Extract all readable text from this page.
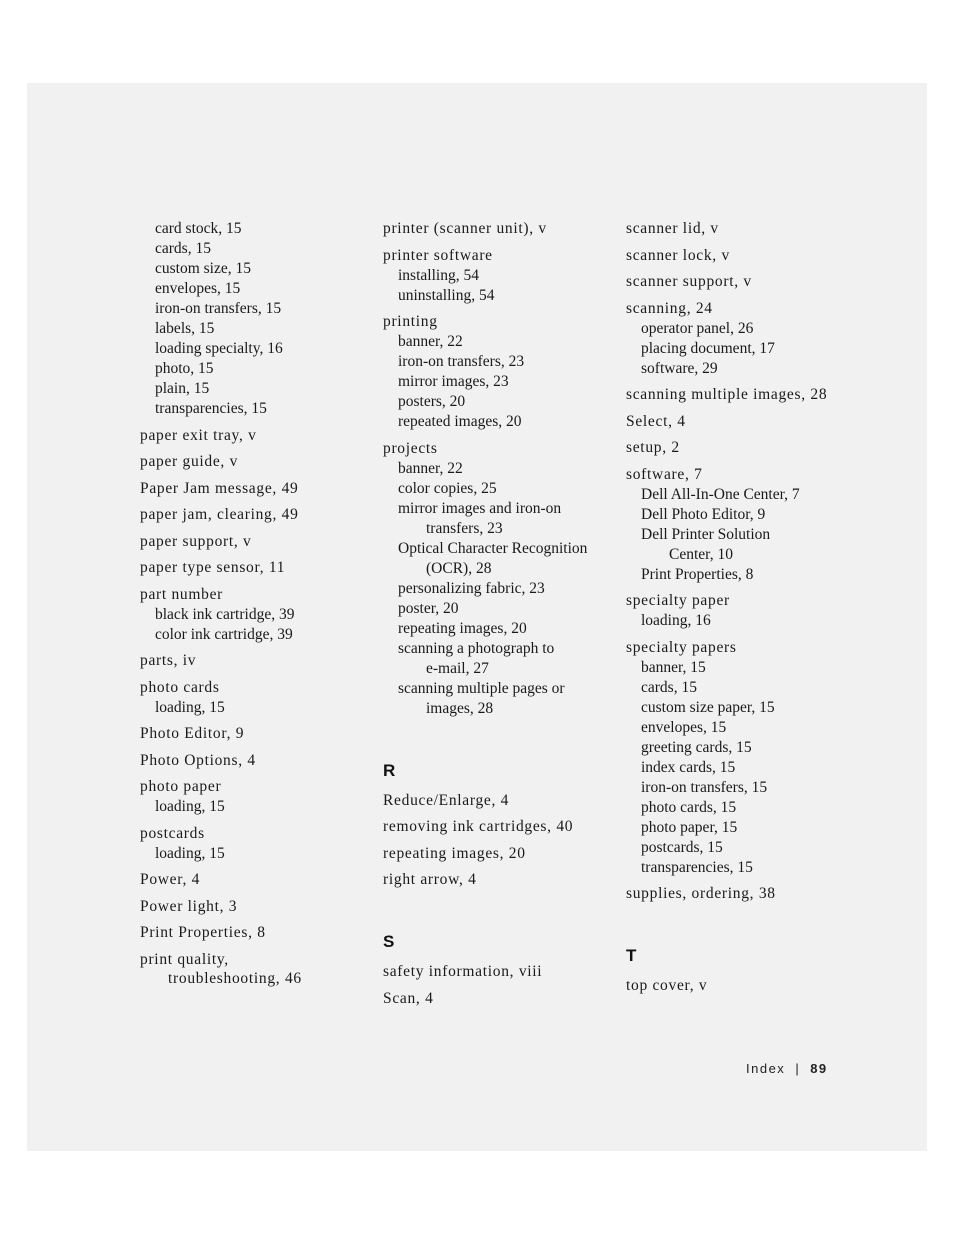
card stock, 15
cards, 15
custom size, 15
envelopes, 15
iron-on transfers, 15
labels, 15
loading specialty, 16
photo, 15
plain, 15
transparencies, 15
paper exit tray, v
paper guide, v
Paper Jam message, 49
paper jam, clearing, 49
paper support, v
paper type sensor, 11
part number
black ink cartridge, 39
color ink cartridge, 39
parts, iv
photo cards
loading, 15
Photo Editor, 9
Photo Options, 4
photo paper
loading, 15
postcards
loading, 15
Power, 4
Power light, 3
Print Properties, 8
print quality,
troubleshooting, 46
printer (scanner unit), v
printer software
installing, 54
uninstalling, 54
printing
banner, 22
iron-on transfers, 23
mirror images, 23
posters, 20
repeated images, 20
projects
banner, 22
color copies, 25
mirror images and iron-on
transfers, 23
Optical Character Recognition
(OCR), 28
personalizing fabric, 23
poster, 20
repeating images, 20
scanning a photograph to
e-mail, 27
scanning multiple pages or
images, 28
R
Reduce/Enlarge, 4
removing ink cartridges, 40
repeating images, 20
right arrow, 4
S
safety information, viii
Scan, 4
scanner lid, v
scanner lock, v
scanner support, v
scanning, 24
operator panel, 26
placing document, 17
software, 29
scanning multiple images, 28
Select, 4
setup, 2
software, 7
Dell All-In-One Center, 7
Dell Photo Editor, 9
Dell Printer Solution
Center, 10
Print Properties, 8
specialty paper
loading, 16
specialty papers
banner, 15
cards, 15
custom size paper, 15
envelopes, 15
greeting cards, 15
index cards, 15
iron-on transfers, 15
photo cards, 15
photo paper, 15
postcards, 15
transparencies, 15
supplies, ordering, 38
T
top cover, v
Index | 89
